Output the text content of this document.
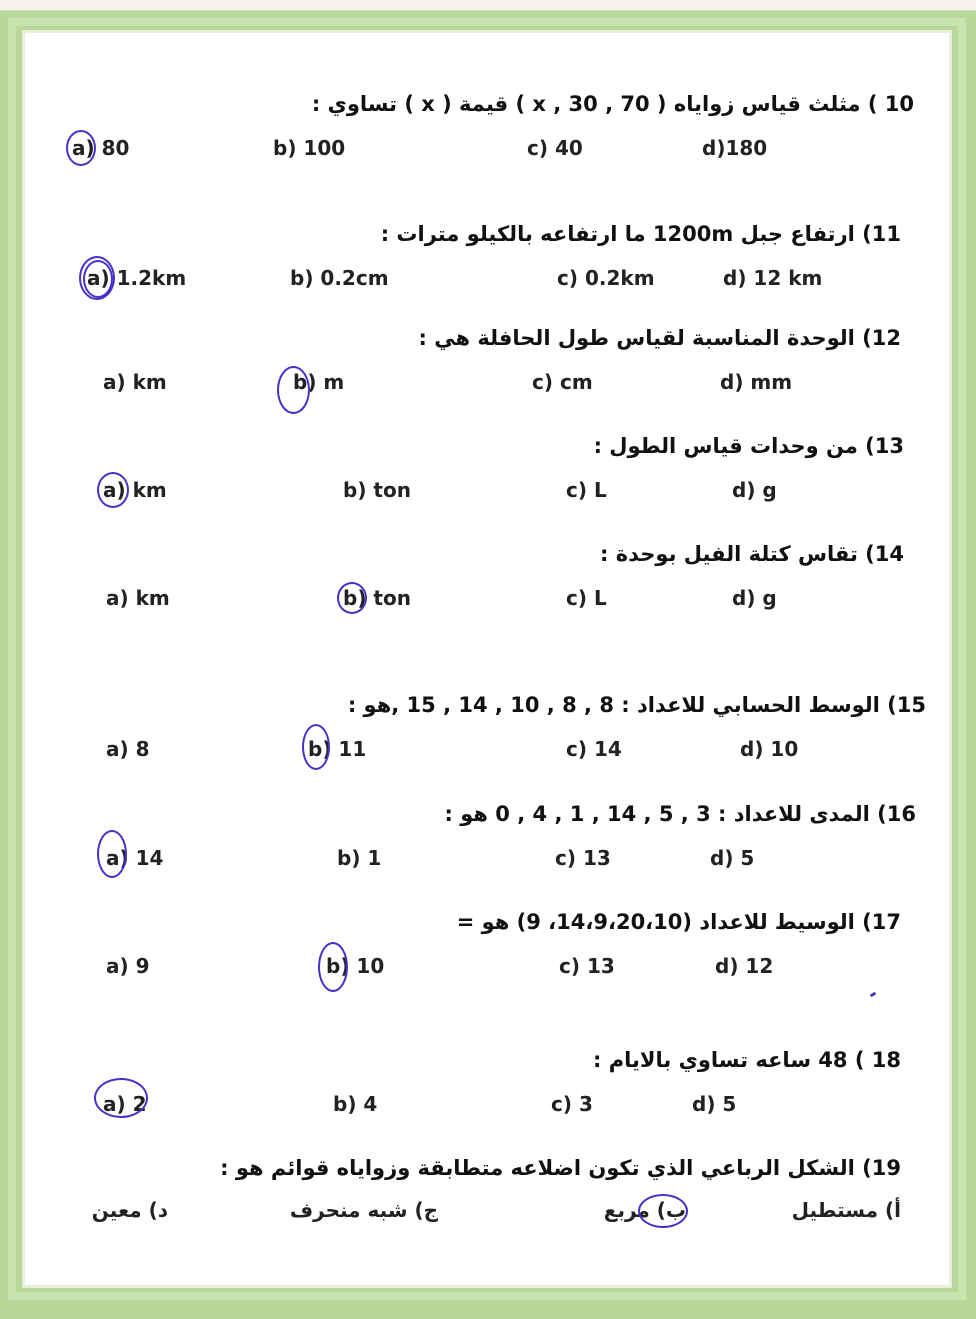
10 ) مثلث قياس زواياه ( 70 , 30 , x ) قيمة ( x ) تساوي :
a) 80	b) 100	c) 40	d)180
11) ارتفاع جبل 1200m ما ارتفاعه بالكيلو مترات :
a) 1.2km	b) 0.2cm	c) 0.2km	d) 12 km
12) الوحدة المناسبة لقياس طول الحافلة هي :
a) km	b) m	c) cm	d) mm
13) من وحدات قياس الطول :
a) km	b) ton	c) L	d) g
14) تقاس كتلة الفيل بوحدة :
a) km	b) ton	c) L	d) g
15) الوسط الحسابي للاعداد : 8 , 8 , 10 , 14 , 15 ,هو :
a) 8	b) 11	c) 14	d) 10
16) المدى للاعداد : 3 , 5 , 14 , 1 , 4 , 0 هو :
a) 14	b) 1	c) 13	d) 5
17) الوسيط للاعداد (14،9،20،10، 9) هو =
a) 9	b) 10	c) 13	d) 12
18 ) 48 ساعه تساوي بالايام :
a) 2	b) 4	c) 3	d) 5
19) الشكل الرباعي الذي تكون اضلاعه متطابقة وزواياه قوائم هو :
أ) مستطيل
ب) مربع
ج) شبه منحرف
د) معين
